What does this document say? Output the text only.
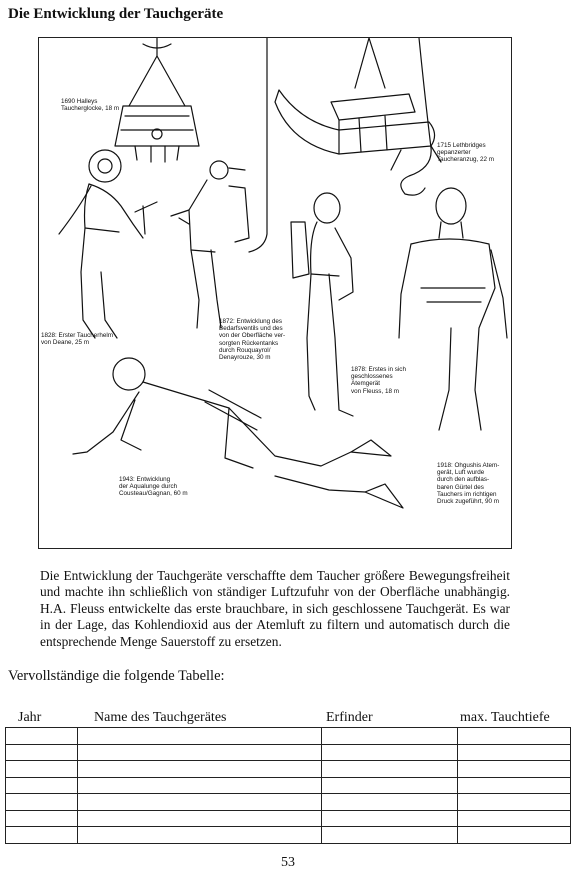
Die Entwicklung der Tauchgeräte
1690 Halleys
Taucherglocke, 18 m
1715 Lethbridges
gepanzerter
Taucheranzug, 22 m
1828: Erster Taucherhelm
von Deane, 25 m
1872: Entwicklung des
Bedarfsventils und des
von der Oberfläche ver-
sorgten Rückentanks
durch Rouquayrol/
Denayrouze, 30 m
1878: Erstes in sich
geschlossenes
Atemgerät
von Fleuss, 18 m
1918: Ohgushis Atem-
gerät, Luft wurde
durch den aufblas-
baren Gürtel des
Tauchers im richtigen
Druck zugeführt, 90 m
1943: Entwicklung
der Aqualunge durch
Cousteau/Gagnan, 60 m
Die Entwicklung der Tauchgeräte verschaffte dem Taucher größere Bewegungsfreiheit und machte ihn schließlich von ständiger Luftzufuhr von der Oberfläche unabhängig. H.A. Fleuss entwickelte das erste brauchbare, in sich geschlossene Tauchgerät. Es war in der Lage, das Kohlendioxid aus der Atemluft zu filtern und automatisch durch die entsprechende Menge Sauerstoff zu ersetzen.
Vervollständige die folgende Tabelle:
Jahr	Name des Tauchgerätes	Erfinder	max. Tauchtiefe

53
